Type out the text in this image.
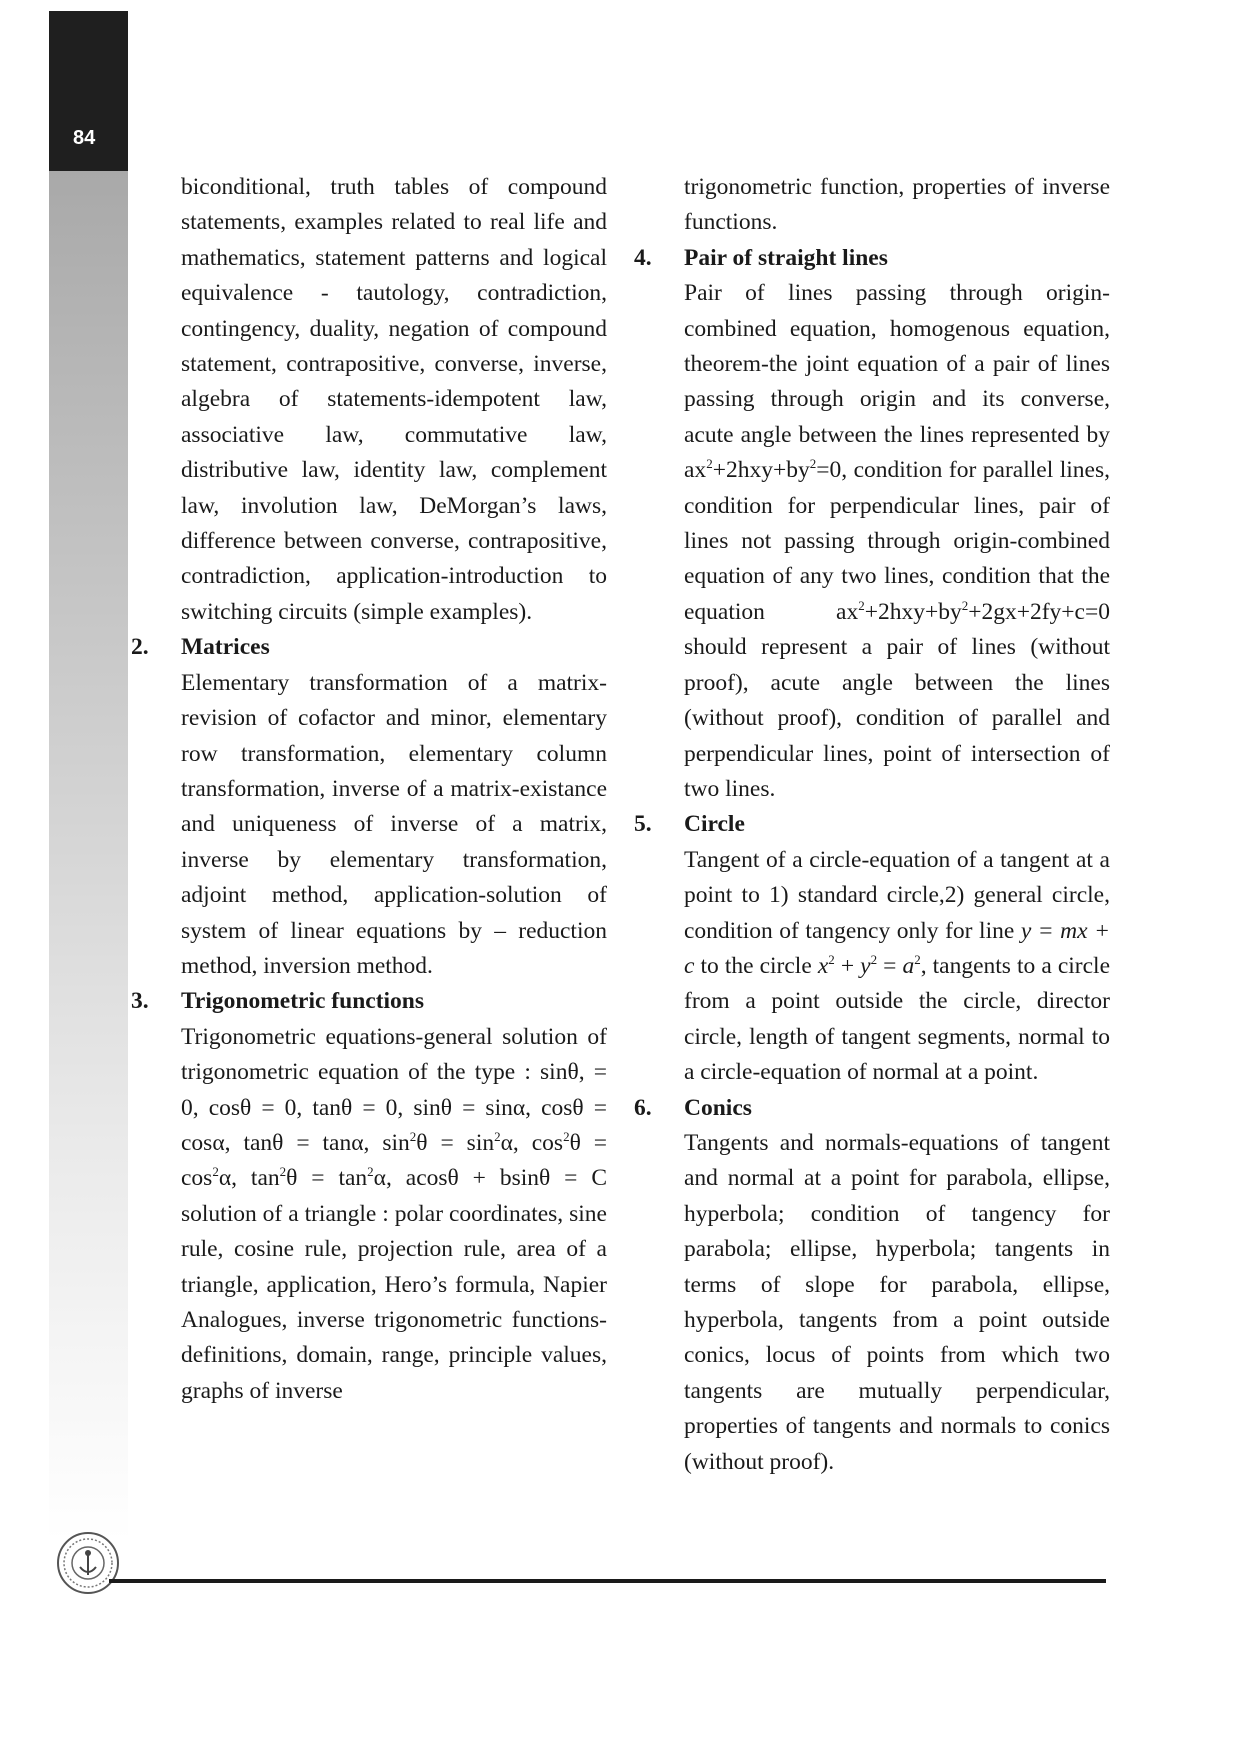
84
biconditional, truth tables of compound statements, examples related to real life and mathematics, statement patterns and logical equivalence - tautology, contradiction, contingency, duality, negation of compound statement, contrapositive, converse, inverse, algebra of statements-idempotent law, associative law, commutative law, distributive law, identity law, complement law, involution law, DeMorgan’s laws, difference between converse, contrapositive, contradiction, application-introduction to switching circuits (simple examples).
2.	Matrices
Elementary transformation of a matrix-revision of cofactor and minor, elementary row transformation, elementary column transformation, inverse of a matrix-existance and uniqueness of inverse of a matrix, inverse by elementary transformation, adjoint method, application-solution of system of linear equations by – reduction method, inversion method.
3.	Trigonometric functions
Trigonometric equations-general solution of trigonometric equation of the type : sinθ, = 0, cosθ = 0, tanθ = 0, sinθ = sinα, cosθ = cosα, tanθ = tanα, $\sin^2\theta = \sin^2\alpha$, $\cos^2\theta = \cos^2\alpha$, $\tan^2\theta = \tan^2\alpha$, acosθ + bsinθ = C solution of a triangle : polar coordinates, sine rule, cosine rule, projection rule, area of a triangle, application, Hero’s formula, Napier Analogues, inverse trigonometric functions-definitions, domain, range, principle values, graphs of inverse
trigonometric function, properties of inverse functions.
4.	Pair of straight lines
Pair of lines passing through origin-combined equation, homogenous equation, theorem-the joint equation of a pair of lines passing through origin and its converse, acute angle between the lines represented by $ax^2+2hxy+by^2=0$, condition for parallel lines, condition for perpendicular lines, pair of lines not passing through origin-combined equation of any two lines, condition that the equation $ax^2+2hxy+by^2+2gx+2fy+c=0$ should represent a pair of lines (without proof), acute angle between the lines (without proof), condition of parallel and perpendicular lines, point of intersection of two lines.
5.	Circle
Tangent of a circle-equation of a tangent at a point to 1) standard circle,2) general circle, condition of tangency only for line y = mx + c to the circle $x^2 + y^2 = a^2$, tangents to a circle from a point outside the circle, director circle, length of tangent segments, normal to a circle-equation of normal at a point.
6.	Conics
Tangents and normals-equations of tangent and normal at a point for parabola, ellipse, hyperbola; condition of tangency for parabola; ellipse, hyperbola; tangents in terms of slope for parabola, ellipse, hyperbola, tangents from a point outside conics, locus of points from which two tangents are mutually perpendicular, properties of tangents and normals to conics (without proof).
